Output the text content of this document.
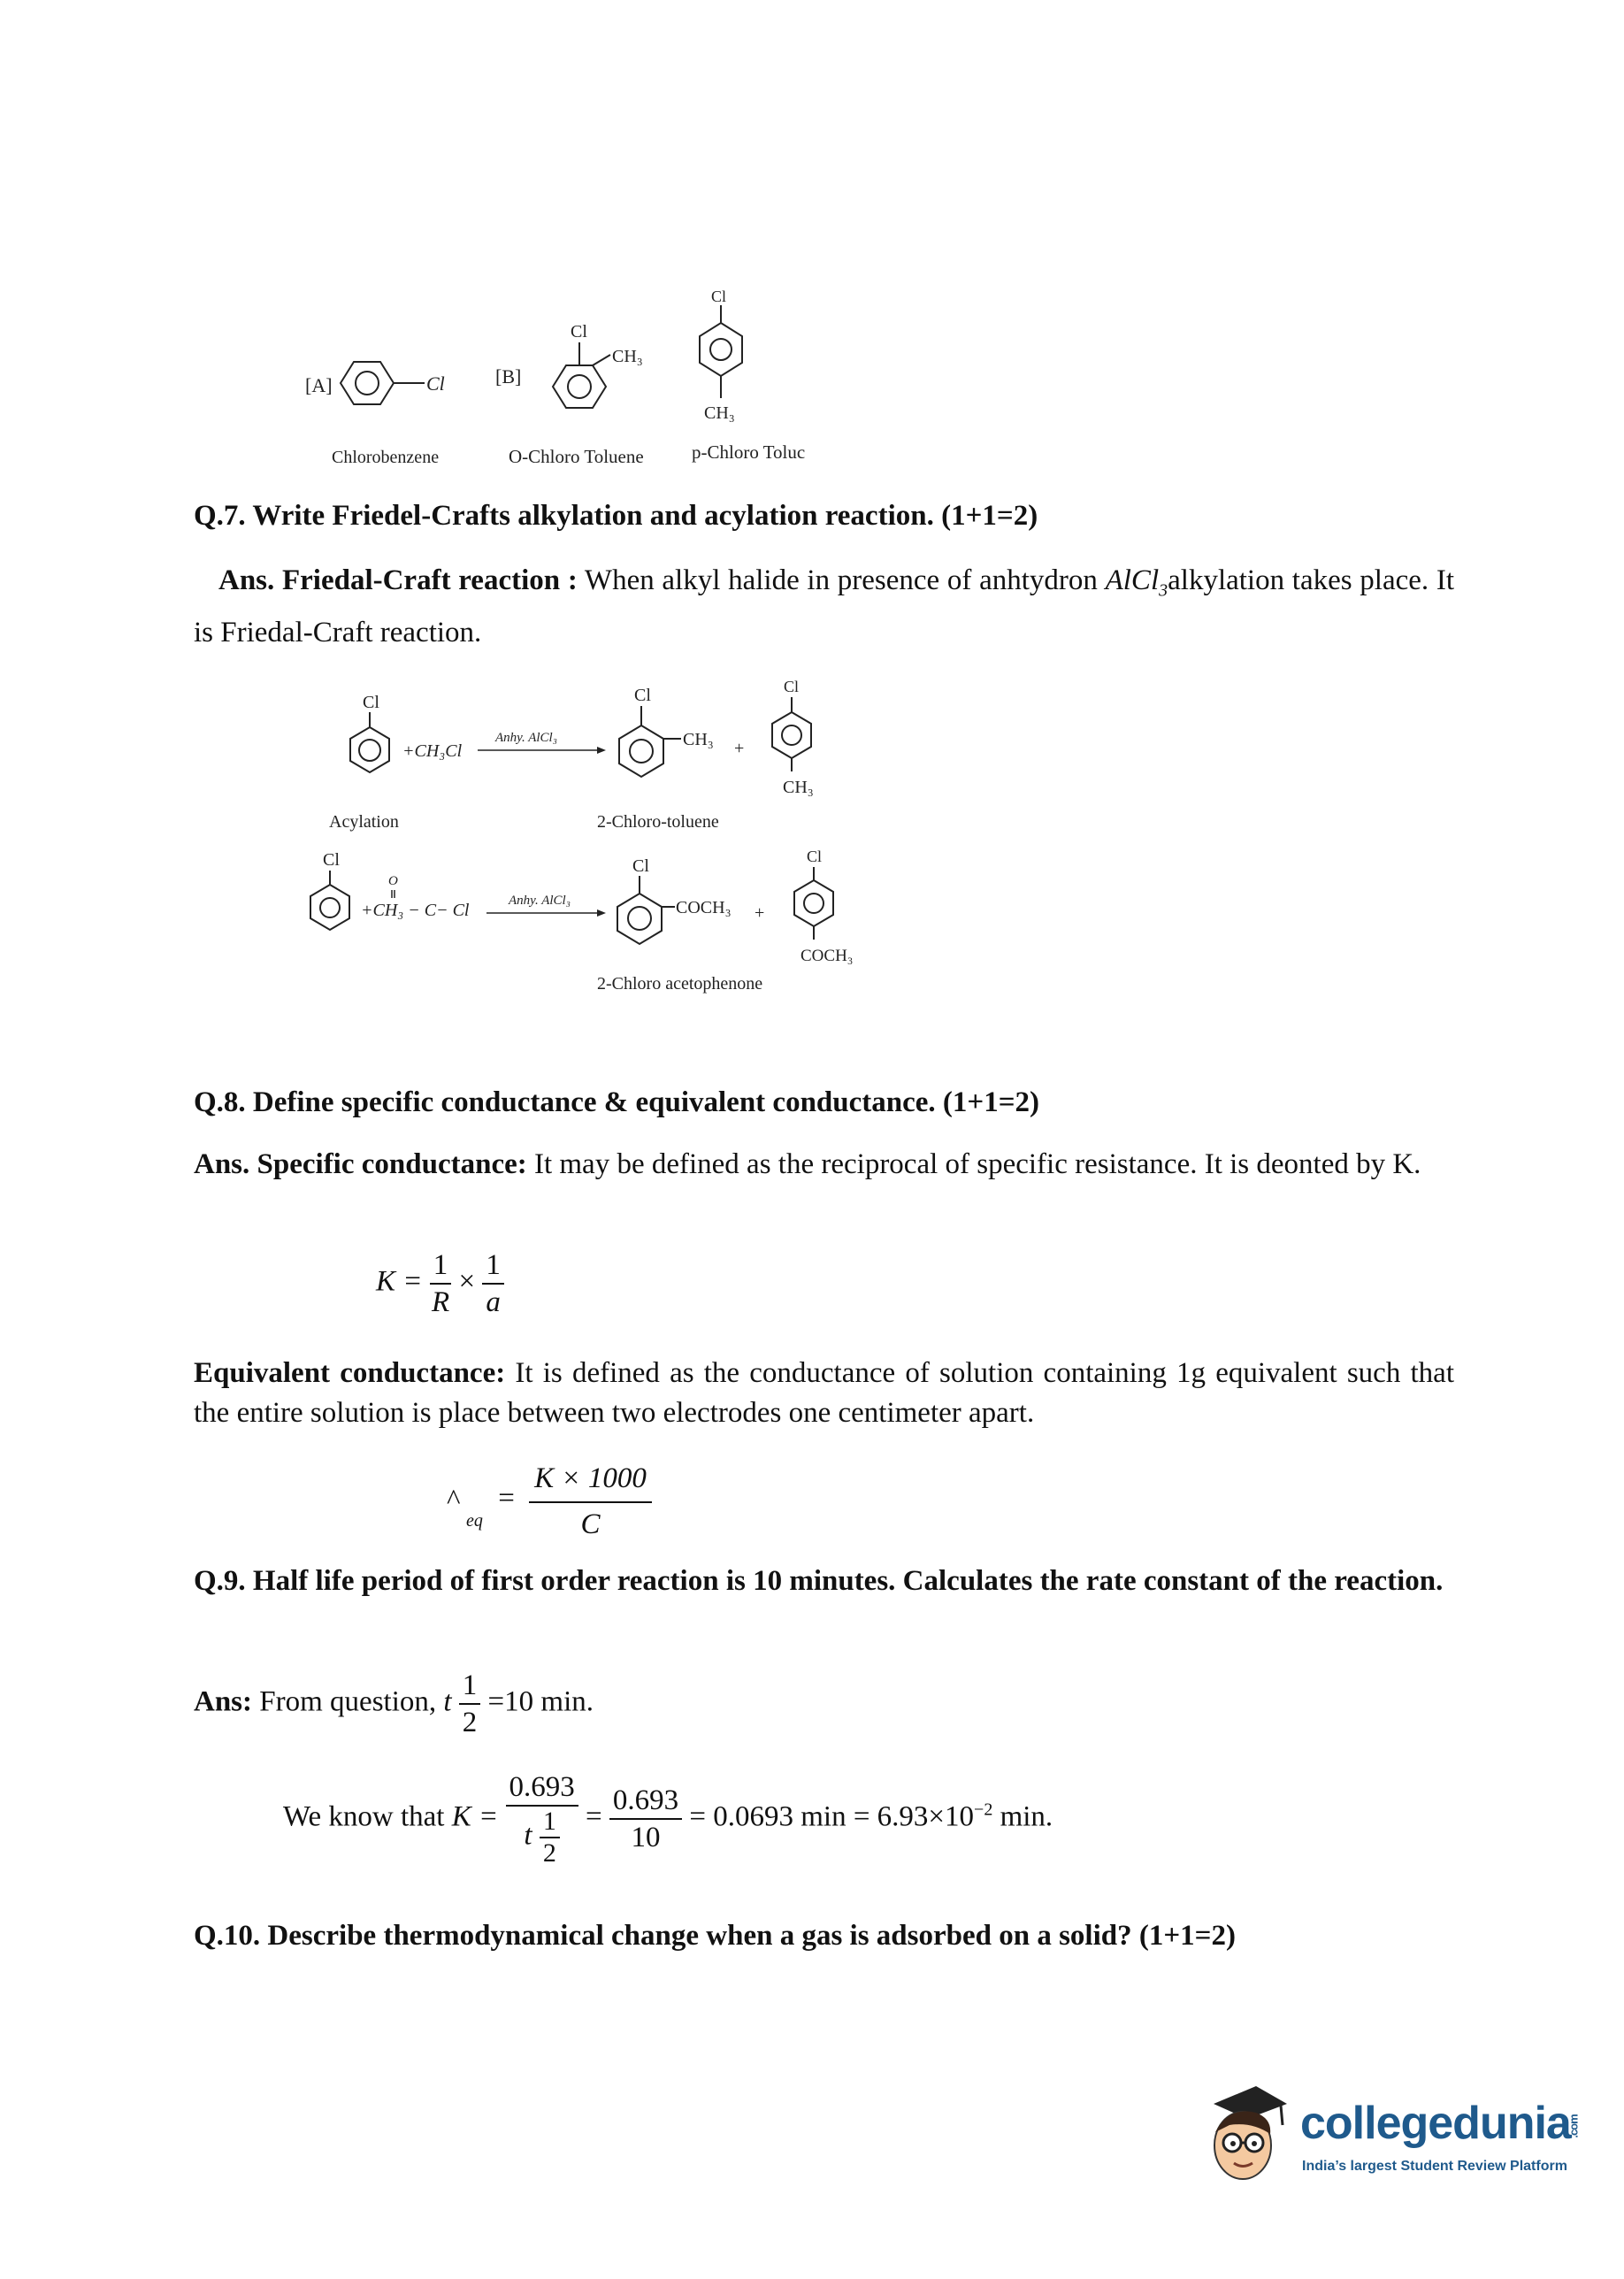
[A]	Cl
Chlorobenzene
[B]
Cl
CH₃
O-Chloro Toluene
Cl
CH₃
p-Chloro Toluc
Q.7. Write Friedel-Crafts alkylation and acylation reaction. (1+1=2)
Ans. Friedal-Craft reaction : When alkyl halide in presence of anhtydron AlCl$_3$alkylation takes place. It is Friedal-Craft reaction.
Cl
+CH₃Cl
Anhy. AlCl₃
Cl
CH₃ +
Cl
CH₃
Acylation	2-Chloro-toluene
Cl
O
+CH₃ − C− Cl	Anhy. AlCl₃
Cl
COCH₃ +
Cl
COCH₃
2-Chloro acetophenone
Q.8. Define specific conductance & equivalent conductance. (1+1=2)
Ans. Specific conductance: It may be defined as the reciprocal of specific resistance. It is deonted by K.
$K = \frac{1}{R} \times \frac{1}{a}$
Equivalent conductance: It is defined as the conductance of solution containing 1g equivalent such that the entire solution is place between two electrodes one centimeter apart.
^
eq
= $\frac{K \times 1000}{C}$
Q.9. Half life period of first order reaction is 10 minutes. Calculates the rate constant of the reaction.
Ans: From question, t $\frac{1}{2} =10$ min.
We know that $K = \frac{0.693}{t \frac{1}{2}} = \frac{0.693}{10} = 0.0693$ $\min = 6.93\times 10^{-2}$ min.
Q.10. Describe thermodynamical change when a gas is adsorbed on a solid? (1+1=2)
collegedunia.com
India’s largest Student Review Platform
